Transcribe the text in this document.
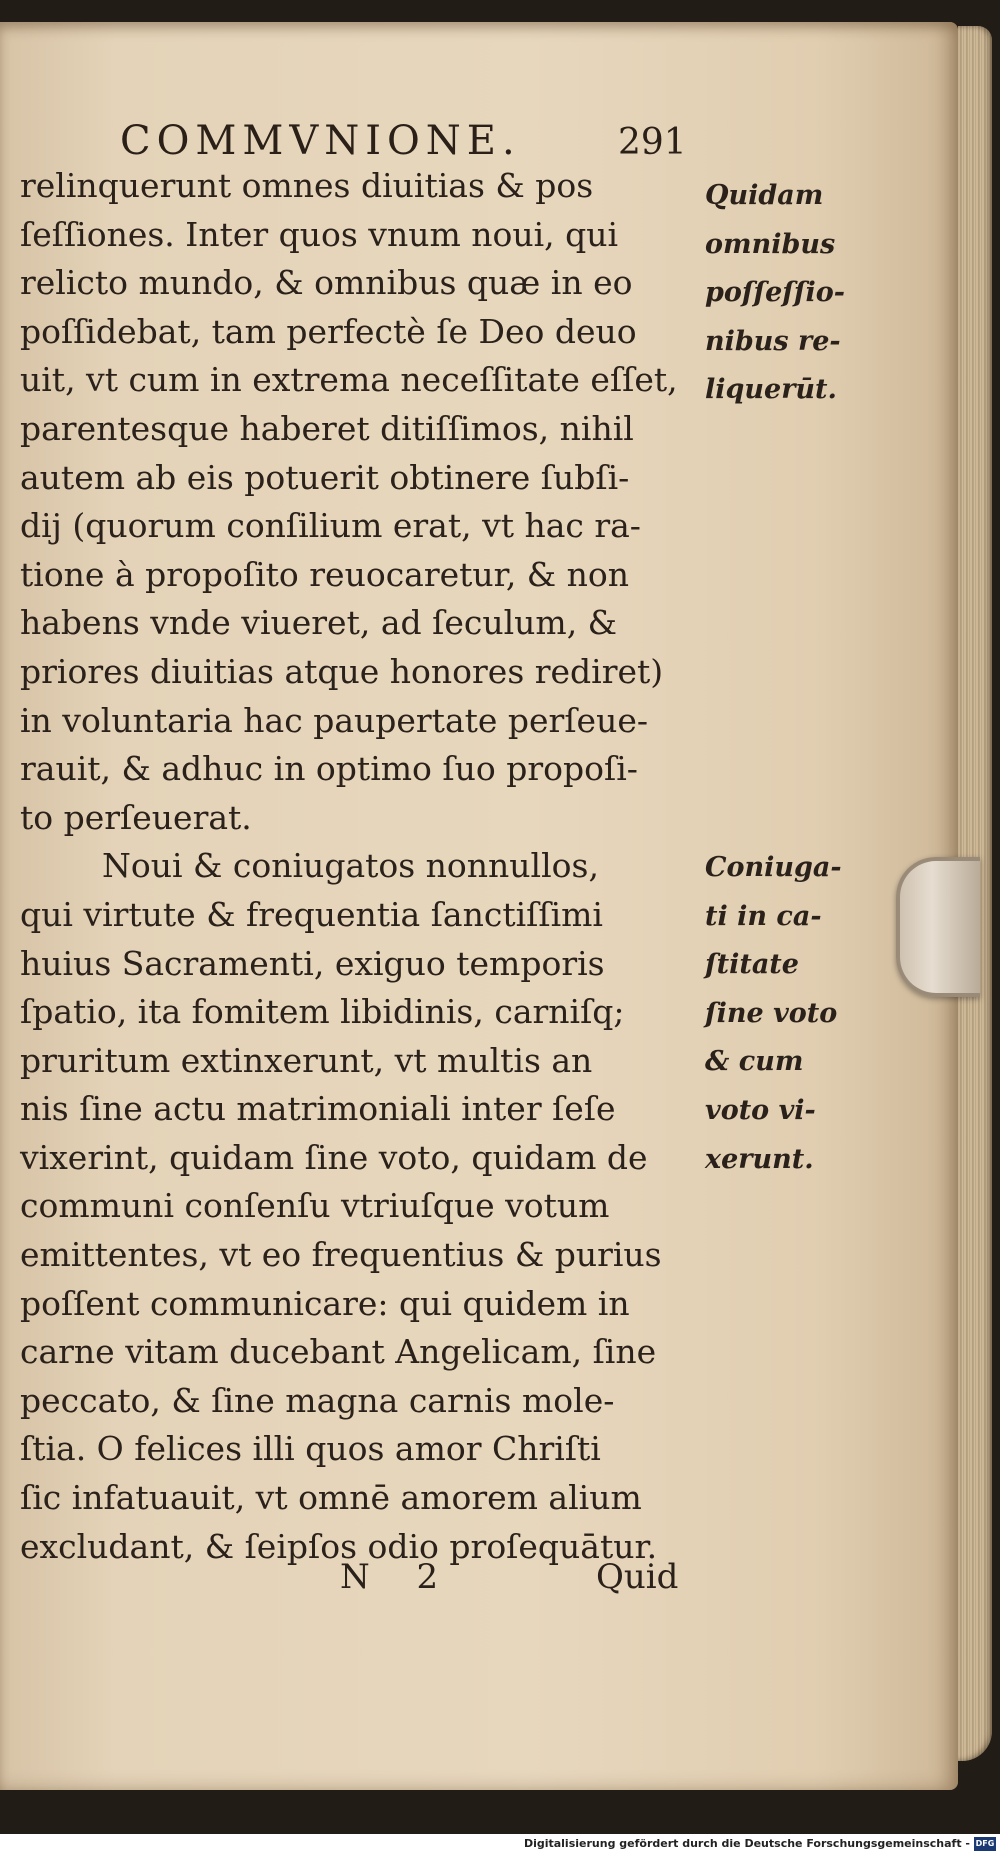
COMMVNIONE.	291
relinquerunt omnes diuitias & pos
ſeſſiones. Inter quos vnum noui, qui
relicto mundo, & omnibus quæ in eo
poſſidebat, tam perfectè ſe Deo deuo
uit, vt cum in extrema neceſſitate eſſet,
parentesque haberet ditiſſimos, nihil
autem ab eis potuerit obtinere ſubſi-
dij (quorum conſilium erat, vt hac ra-
tione à propoſito reuocaretur, & non
habens vnde viueret, ad ſeculum, &
priores diuitias atque honores rediret)
in voluntaria hac paupertate perſeue-
rauit, & adhuc in optimo ſuo propoſi-
to perſeuerat.
Noui & coniugatos nonnullos,
qui virtute & frequentia ſanctiſſimi
huius Sacramenti, exiguo temporis
ſpatio, ita fomitem libidinis, carniſq;
pruritum extinxerunt, vt multis an
nis ſine actu matrimoniali inter ſeſe
vixerint, quidam ſine voto, quidam de
communi conſenſu vtriuſque votum
emittentes, vt eo frequentius & purius
poſſent communicare: qui quidem in
carne vitam ducebant Angelicam, ſine
peccato, & ſine magna carnis mole-
ſtia. O felices illi quos amor Chriſti
ſic infatuauit, vt omnē amorem alium
excludant, & ſeipſos odio proſequātur.
Quidam
omnibus
poſſeſſio-
nibus re-
liquerūt.
Coniuga-
ti in ca-
ſtitate
ſine voto
& cum
voto vi-
xerunt.
N 2	Quid
Digitalisierung gefördert durch die Deutsche Forschungsgemeinschaft - DFG
